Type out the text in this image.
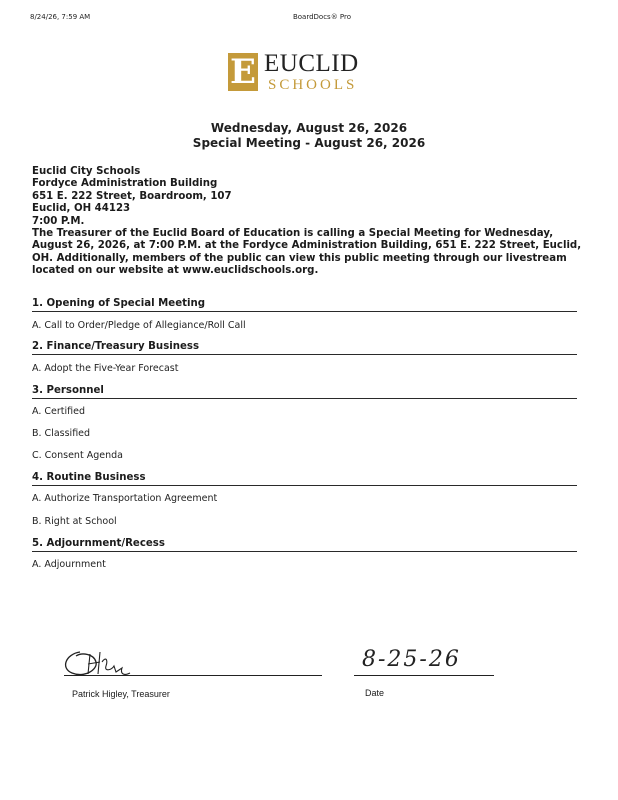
8/24/26, 7:59 AM	BoardDocs® Pro
E EUCLID
SCHOOLS
Wednesday, August 26, 2026
Special Meeting - August 26, 2026
Euclid City Schools
Fordyce Administration Building
651 E. 222 Street, Boardroom, 107
Euclid, OH 44123
7:00 P.M.
The Treasurer of the Euclid Board of Education is calling a Special Meeting for Wednesday, August 26, 2026, at 7:00 P.M. at the Fordyce Administration Building, 651 E. 222 Street, Euclid, OH. Additionally, members of the public can view this public meeting through our livestream located on our website at www.euclidschools.org.
1. Opening of Special Meeting
A. Call to Order/Pledge of Allegiance/Roll Call
2. Finance/Treasury Business
A. Adopt the Five-Year Forecast
3. Personnel
A. Certified
B. Classified
C. Consent Agenda
4. Routine Business
A. Authorize Transportation Agreement
B. Right at School
5. Adjournment/Recess
A. Adjournment
Patrick Higley, Treasurer
8-25-26
Date
